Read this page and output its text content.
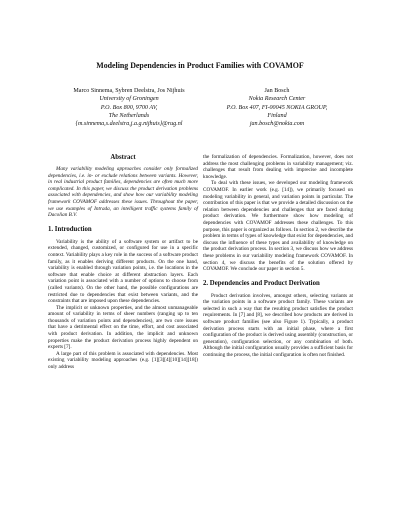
Modeling Dependencies in Product Families with COVAMOF
Marco Sinnema, Sybren Deelstra, Jos Nijhuis
University of Groningen
P.O. Box 800, 9700 AV,
The Netherlands
{m.sinnema,s.deelstra,j.a.g.nijhuis}@rug.nl
Jan Bosch
Nokia Research Center
P.O. Box 407, FI-00045 NOKIA GROUP,
Finland
jan.bosch@nokia.com
Abstract

Many variability modeling approaches consider only formalized dependencies, i.e. in- or exclude relations between variants. However, in real industrial product families, dependencies are often much more complicated. In this paper, we discuss the product derivation problems associated with dependencies, and show how our variability modeling framework COVAMOF addresses these issues. Throughout the paper, we use examples of Intrada, an intelligent traffic systems family of Dacolian B.V.

1. Introduction

Variability is the ability of a software system or artifact to be extended, changed, customized, or configured for use in a specific context. Variability plays a key role in the success of a software product family, as it enables deriving different products. On the one hand, variability is enabled through variation points, i.e. the locations in the software that enable choice at different abstraction layers. Each variation point is associated with a number of options to choose from (called variants). On the other hand, the possible configurations are restricted due to dependencies that exist between variants, and the constraints that are imposed upon these dependencies.

The implicit or unknown properties, and the almost unmanageable amount of variability in terms of sheer numbers (ranging up to ten thousands of variation points and dependencies), are two core issues that have a detrimental effect on the time, effort, and cost associated with product derivation. In addition, the implicit and unknown properties make the product derivation process highly dependent on experts [7].

A large part of this problem is associated with dependencies. Most existing variability modeling approaches (e.g. [1][3][4][10][14][18]) only address

the formalization of dependencies. Formalization, however, does not address the most challenging problems in variability management; viz. challenges that result from dealing with imprecise and incomplete knowledge.

To deal with these issues, we developed our modeling framework COVAMOF. In earlier work (e.g. [14]), we primarily focused on modeling variability in general, and variation points in particular. The contribution of this paper is that we provide a detailed discussion on the relation between dependencies and challenges that are faced during product derivation. We furthermore show how modeling of dependencies with COVAMOF addresses these challenges. To this purpose, this paper is organized as follows. In section 2, we describe the problem in terms of types of knowledge that exist for dependencies, and discuss the influence of these types and availability of knowledge on the product derivation process. In section 3, we discuss how we address these problems in our variability modeling framework COVAMOF. In section 4, we discuss the benefits of the solution offered by COVAMOF. We conclude our paper in section 5.

2. Dependencies and Product Derivation

Product derivation involves, amongst others, selecting variants at the variation points in a software product family. These variants are selected in such a way that the resulting product satisfies the product requirements. In [7] and [8], we described how products are derived in software product families (see also Figure 1). Typically, a product derivation process starts with an initial phase, where a first configuration of the product is derived using assembly (construction, or generation), configuration selection, or any combination of both. Although the initial configuration usually provides a sufficient basis for continuing the process, the initial configuration is often not finished.
